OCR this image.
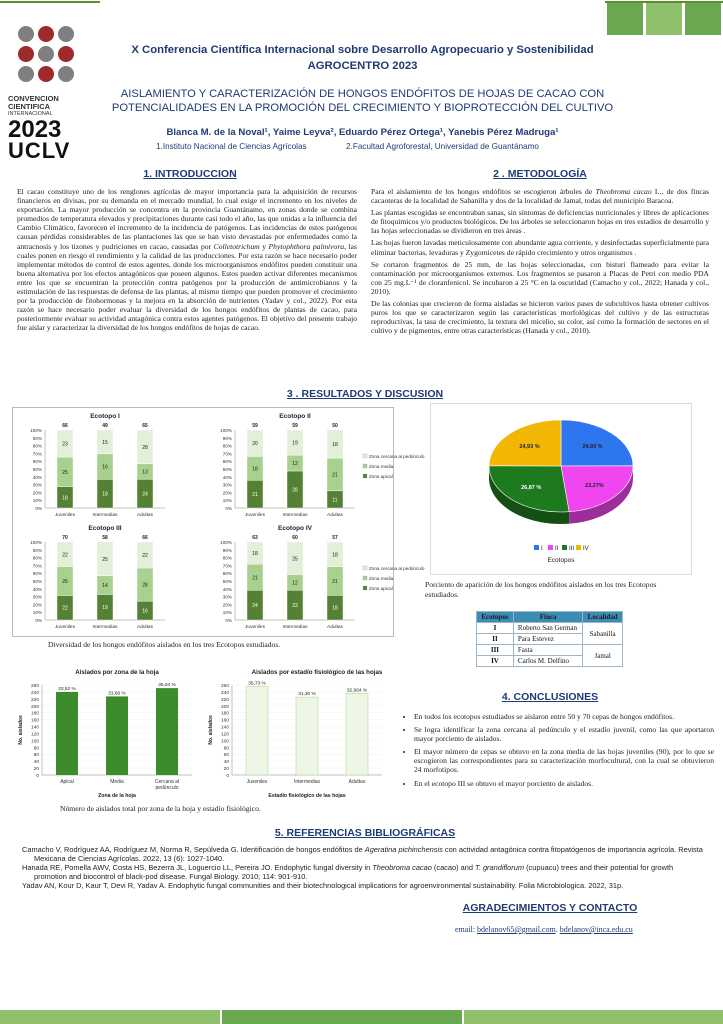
CONVENCION
CIENTIFICA
INTERNACIONAL
2023
UCLV
X Conferencia Científica Internacional sobre Desarrollo Agropecuario y Sostenibilidad
AGROCENTRO 2023
AISLAMIENTO Y CARACTERIZACIÓN DE HONGOS ENDÓFITOS DE HOJAS DE CACAO CON
POTENCIALIDADES EN LA PROMOCIÓN DEL CRECIMIENTO Y BIOPROTECCIÓN DEL CULTIVO
Blanca M. de la Noval¹, Yaime Leyva², Eduardo Pérez Ortega¹, Yanebis Pérez Madruga¹
1.Instituto Nacional de Ciencias Agrícolas	2.Facultad Agroforestal, Universidad de Guantánamo
1. INTRODUCCION	2 . METODOLOGÍA

El cacao constituye uno de los renglones agrícolas de mayor importancia para la adquisición de recursos financieros en divisas, por su demanda en el mercado mundial, lo cual exige el incremento en los niveles de exportación. La mayor producción se concentra en la provincia Guantánamo, en zonas donde se combina promedios de temperatura elevados y precipitaciones durante casi todo el año, las que unidas a la influencia del Cambio Climático, favorecen el incremento de la incidencia de patógenos. Las incidencias de estos patógenos causan pérdidas considerables de las plantaciones las que se han visto devastadas por enfermedades como la antracnosis y los tizones y pudriciones en cacao, causadas por Colletotrichum y Phytophthora palmivora, las cuales ponen en riesgo el rendimiento y la calidad de las producciones. Por esta razón se hace necesario poder implementar métodos de control de estos agentes, donde los microorganismos endófitos pueden constituir una buena alternativa por los efectos antagónicos que poseen algunos. Estos pueden activar diferentes mecanismos entre los que se encuentran la protección contra patógenos por la producción de antimicrobianos y la estimulación de las respuestas de defensa de las plantas, al mismo tiempo que pueden promover el crecimiento por la producción de fitohormonas y la mejora en la absorción de nutrientes (Yadav y col., 2022). Por esta razón se hace necesario poder evaluar la diversidad de los hongos endófitos de plantas de cacao, para posteriormente evaluar su actividad antagónica contra estos agentes patógenos. El objetivo del presente trabajo fue aislar y caracterizar la diversidad de los hongos endófitos de hojas de cacao.

Para el aislamiento de los hongos endófitos se escogieron árboles de Theobroma cacao L., de dos fincas cacaoteras de la localidad de Sabanilla y dos de la localidad de Jamal, todas del municipio Baracoa.

Las plantas escogidas se encontraban sanas, sin síntomas de deficiencias nutricionales y libres de aplicaciones de fitoquímicos y/o productos biológicos. De los árboles se seleccionaron hojas en tres estadios de desarrollo y las hojas seleccionadas se dividieron en tres áreas .

Las hojas fueron lavadas meticulosamente con abundante agua corriente, y desinfectadas superficialmente para eliminar bacterias, levaduras y Zygomicetes de rápido crecimiento y otros organismos .

Se cortaron fragmentos de 25 mm, de las hojas seleccionadas, con bisturí flameado para evitar la contaminación por microorganismos externos. Los fragmentos se pasaron a Placas de Petri con medio PDA con 25 mg.L⁻¹ de cloranfenicol. Se incubaron a 25 °C en la oscuridad (Camacho y col., 2022; Hanada y col., 2010).

De las colonias que crecieron de forma aisladas se hicieron varios pases de subcultivos hasta obtener cultivos puros los que se caracterizaron según las características morfológicas del cultivo y de las estructuras reproductivas, la tasa de crecimiento, la textura del micelio, su color, así como la formación de sectores en el cultivo y de pigmentos, entre otras características (Hanada y col., 2010).

3 . RESULTADOS Y DISCUSION
Ecotopo I
0%
10%
20%
30%
40%
50%
60%
70%
80%
90%
100%
18
25
23
66
Juveniles
18
16
15
49
Intermedias
24
13
28
65
Adultas
Ecotopo II
0%
10%
20%
30%
40%
50%
60%
70%
80%
90%
100%
21
18
20
59
Juveniles
28
12
19
59
Intermedias
11
21
18
50
Adultas
Zona cercana al pedúnculo
Zona media
Zona apical
Ecotopo III
0%
10%
20%
30%
40%
50%
60%
70%
80%
90%
100%
22
26
22
70
Juveniles
19
14
25
58
Intermedias
16
28
22
66
Adultas
Ecotopo IV
0%
10%
20%
30%
40%
50%
60%
70%
80%
90%
100%
24
21
18
63
Juveniles
23
12
25
60
Intermedias
18
21
18
57
Adultas
Zona cercana al pedúnculo
Zona media
Zona apical
Diversidad de los hongos endófitos aislados en los tres Ecotopos estudiados.
24,93 %
23,27%
26,87 %
24,93 %
I II III IV
Ecotopos
Porciento de aparición de los hongos endófitos aislados en los tres Ecotopos estudiados.
Ecotopos	Finca	Localidad
I	Roberto San German	Sabanilla
II	Para Estevez	
III	Fasta	Jamal
IV	Carlos M. Delfino	
Aislados por zona de la hoja
0
20
40
60
80
100
120
140
160
180
200
220
240
260
No. aislados
33,52 %
Apical
31,66 %
Media
35,04 %
Cercana al
pedúnculo
Zona de la hoja
Aislados por estadío fisiológico de las hojas
0
20
40
60
80
100
120
140
160
180
200
220
240
260
No. aislados
35,73 %
Juveniles
31,30 %
Intermedias
32,964 %
Adultas
Estadío fisiológico de las hojas
Número de aislados total por zona de la hoja y estadío fisiológico.
4. CONCLUSIONES
• En todos los ecotopos estudiados se aislaron entre 50 y 70 cepas de hongos endófitos.
• Se logra identificar la zona cercana al pedúnculo y el estadío juvenil, como las que aportaron mayor porciento de aislados.
• El mayor número de cepas se obtuvo en la zona media de las hojas juveniles (90), por lo que se escogieron las correspondientes para su caracterización morfocultural, con la cual se obtuvieron 24 morfotipos.
• En el ecotopo III se obtuvo el mayor porciento de aislados.
5. REFERENCIAS BIBLIOGRÁFICAS

Camacho V, Rodríguez AA, Rodríguez M, Norma R, Sepúlveda G. Identificación de hongos endófitos de Ageratina pichinchensis con actividad antagónica contra fitopatógenos de importancia agrícola. Revista Mexicana de Ciencias Agrícolas. 2022, 13 (6): 1027-1040.

Hanada RE, Pomella AWV, Costa HS, Bezerra JL, Loguercio LL, Pereira JO. Endophytic fungal diversity in Theobroma cacao (cacao) and T. grandiflorum (cupuacu) trees and their potential for growth promotion and biocontrol of black-pod disease. Fungal Biology. 2010; 114: 901-910.

Yadav AN, Kour D, Kaur T, Devi R, Yadav A. Endophytic fungal communities and their biotechnological implications for agroenvironmental sustainability. Folia Microbiologica. 2022, 31p.

AGRADECIMIENTOS Y CONTACTO
email: bdelanov65@gmail.com. bdelanov@inca.edu.cu
